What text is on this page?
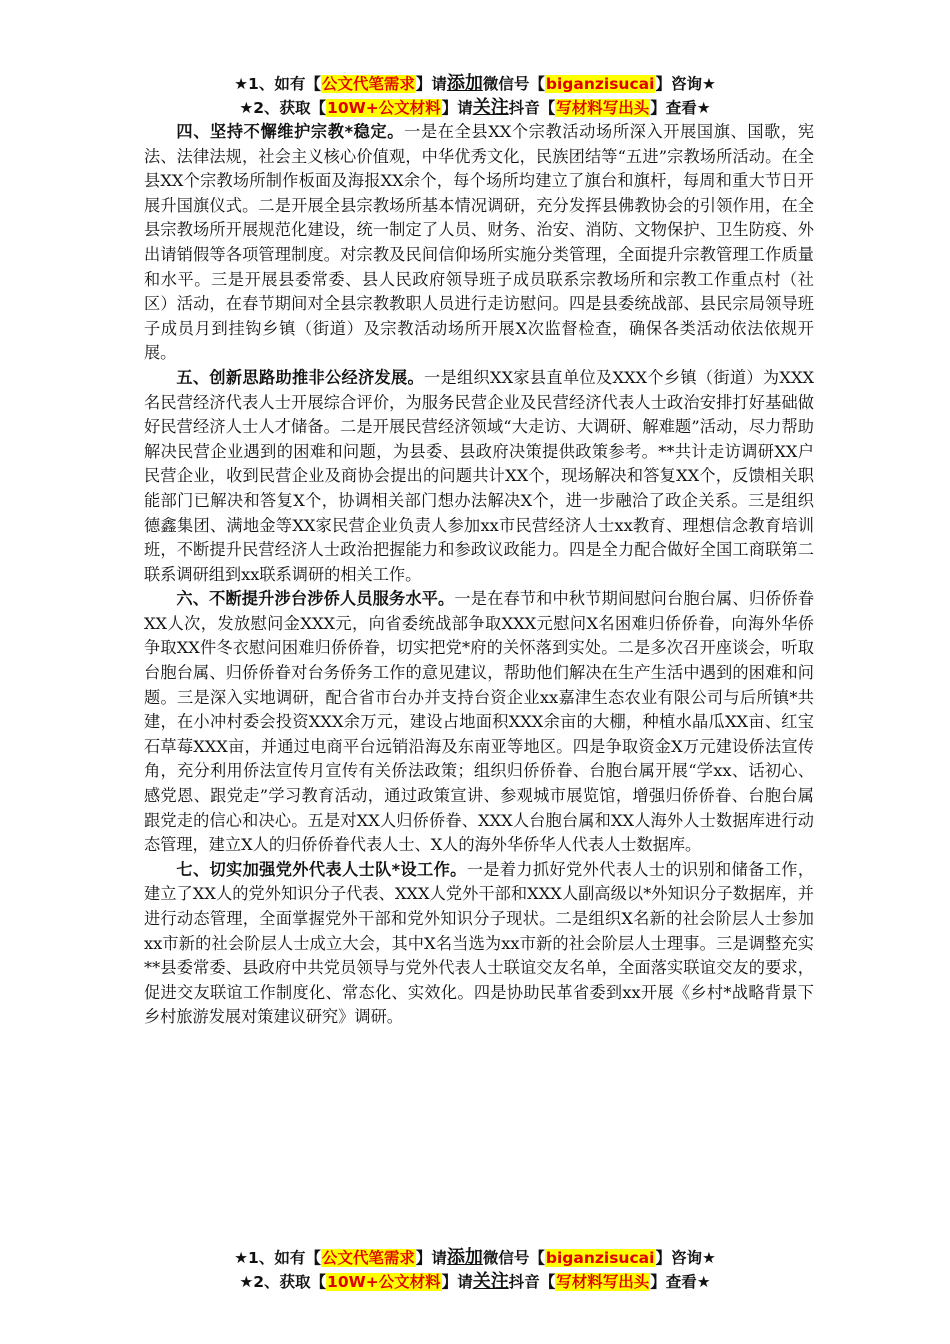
★1、如有【公文代笔需求】请添加微信号【biganzisucai】咨询★
★2、获取【10W+公文材料】请关注抖音【写材料写出头】查看★

四、坚持不懈维护宗教*稳定。一是在全县XX个宗教活动场所深入开展国旗、国歌，宪法、法律法规，社会主义核心价值观，中华优秀文化，民族团结等“五进”宗教场所活动。在全县XX个宗教场所制作板面及海报XX余个，每个场所均建立了旗台和旗杆，每周和重大节日开展升国旗仪式。二是开展全县宗教场所基本情况调研，充分发挥县佛教协会的引领作用，在全县宗教场所开展规范化建设，统一制定了人员、财务、治安、消防、文物保护、卫生防疫、外出请销假等各项管理制度。对宗教及民间信仰场所实施分类管理，全面提升宗教管理工作质量和水平。三是开展县委常委、县人民政府领导班子成员联系宗教场所和宗教工作重点村（社区）活动，在春节期间对全县宗教教职人员进行走访慰问。四是县委统战部、县民宗局领导班子成员月到挂钩乡镇（街道）及宗教活动场所开展X次监督检查，确保各类活动依法依规开展。

五、创新思路助推非公经济发展。一是组织XX家县直单位及XXX个乡镇（街道）为XXX名民营经济代表人士开展综合评价，为服务民营企业及民营经济代表人士政治安排打好基础做好民营经济人士人才储备。二是开展民营经济领域“大走访、大调研、解难题”活动，尽力帮助解决民营企业遇到的困难和问题，为县委、县政府决策提供政策参考。**共计走访调研XX户民营企业，收到民营企业及商协会提出的问题共计XX个，现场解决和答复XX个，反馈相关职能部门已解决和答复X个，协调相关部门想办法解决X个，进一步融洽了政企关系。三是组织德鑫集团、满地金等XX家民营企业负责人参加xx市民营经济人士xx教育、理想信念教育培训班，不断提升民营经济人士政治把握能力和参政议政能力。四是全力配合做好全国工商联第二联系调研组到xx联系调研的相关工作。

六、不断提升涉台涉侨人员服务水平。一是在春节和中秋节期间慰问台胞台属、归侨侨眷XX人次，发放慰问金XXX元，向省委统战部争取XXX元慰问X名困难归侨侨眷，向海外华侨争取XX件冬衣慰问困难归侨侨眷，切实把党*府的关怀落到实处。二是多次召开座谈会，听取台胞台属、归侨侨眷对台务侨务工作的意见建议，帮助他们解决在生产生活中遇到的困难和问题。三是深入实地调研，配合省市台办并支持台资企业xx嘉津生态农业有限公司与后所镇*共建，在小冲村委会投资XXX余万元，建设占地面积XXX余亩的大棚，种植水晶瓜XX亩、红宝石草莓XXX亩，并通过电商平台远销沿海及东南亚等地区。四是争取资金X万元建设侨法宣传角，充分利用侨法宣传月宣传有关侨法政策；组织归侨侨眷、台胞台属开展“学xx、话初心、感党恩、跟党走”学习教育活动，通过政策宣讲、参观城市展览馆，增强归侨侨眷、台胞台属跟党走的信心和决心。五是对XX人归侨侨眷、XXX人台胞台属和XX人海外人士数据库进行动态管理，建立X人的归侨侨眷代表人士、X人的海外华侨华人代表人士数据库。

七、切实加强党外代表人士队*设工作。一是着力抓好党外代表人士的识别和储备工作，建立了XX人的党外知识分子代表、XXX人党外干部和XXX人副高级以*外知识分子数据库，并进行动态管理，全面掌握党外干部和党外知识分子现状。二是组织X名新的社会阶层人士参加xx市新的社会阶层人士成立大会，其中X名当选为xx市新的社会阶层人士理事。三是调整充实**县委常委、县政府中共党员领导与党外代表人士联谊交友名单，全面落实联谊交友的要求，促进交友联谊工作制度化、常态化、实效化。四是协助民革省委到xx开展《乡村*战略背景下乡村旅游发展对策建议研究》调研。

★1、如有【公文代笔需求】请添加微信号【biganzisucai】咨询★
★2、获取【10W+公文材料】请关注抖音【写材料写出头】查看★
